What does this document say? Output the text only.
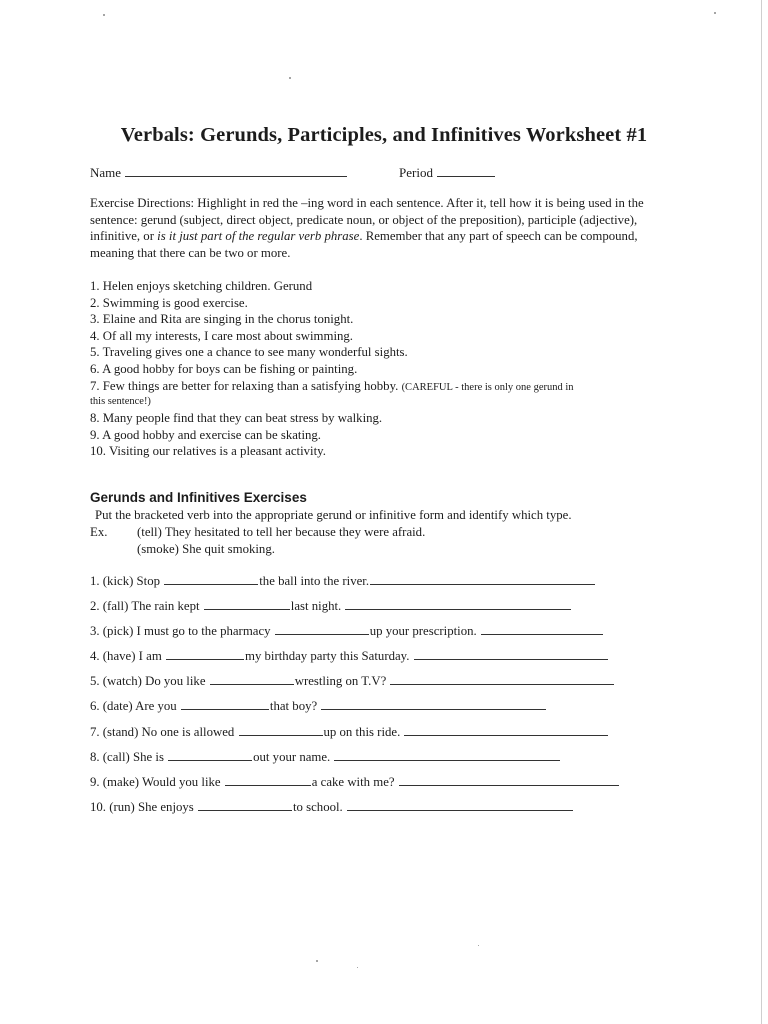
Verbals: Gerunds, Participles, and Infinitives Worksheet #1
Name	Period
Exercise Directions: Highlight in red the –ing word in each sentence. After it, tell how it is being used in the sentence: gerund (subject, direct object, predicate noun, or object of the preposition), participle (adjective), infinitive, or is it just part of the regular verb phrase. Remember that any part of speech can be compound, meaning that there can be two or more.
1. Helen enjoys sketching children. Gerund
2. Swimming is good exercise.
3. Elaine and Rita are singing in the chorus tonight.
4. Of all my interests, I care most about swimming.
5. Traveling gives one a chance to see many wonderful sights.
6. A good hobby for boys can be fishing or painting.
7. Few things are better for relaxing than a satisfying hobby. (CAREFUL - there is only one gerund in
this sentence!)
8. Many people find that they can beat stress by walking.
9. A good hobby and exercise can be skating.
10. Visiting our relatives is a pleasant activity.
Gerunds and Infinitives Exercises
Put the bracketed verb into the appropriate gerund or infinitive form and identify which type.
Ex. (tell) They hesitated to tell her because they were afraid.
(smoke) She quit smoking.
1. (kick) Stop	the ball into the river.
2. (fall) The rain kept	last night.
3. (pick) I must go to the pharmacy	up your prescription.
4. (have) I am	my birthday party this Saturday.
5. (watch) Do you like	wrestling on T.V?
6. (date) Are you	that boy?
7. (stand) No one is allowed	up on this ride.
8. (call) She is	out your name.
9. (make) Would you like	a cake with me?
10. (run) She enjoys	to school.
